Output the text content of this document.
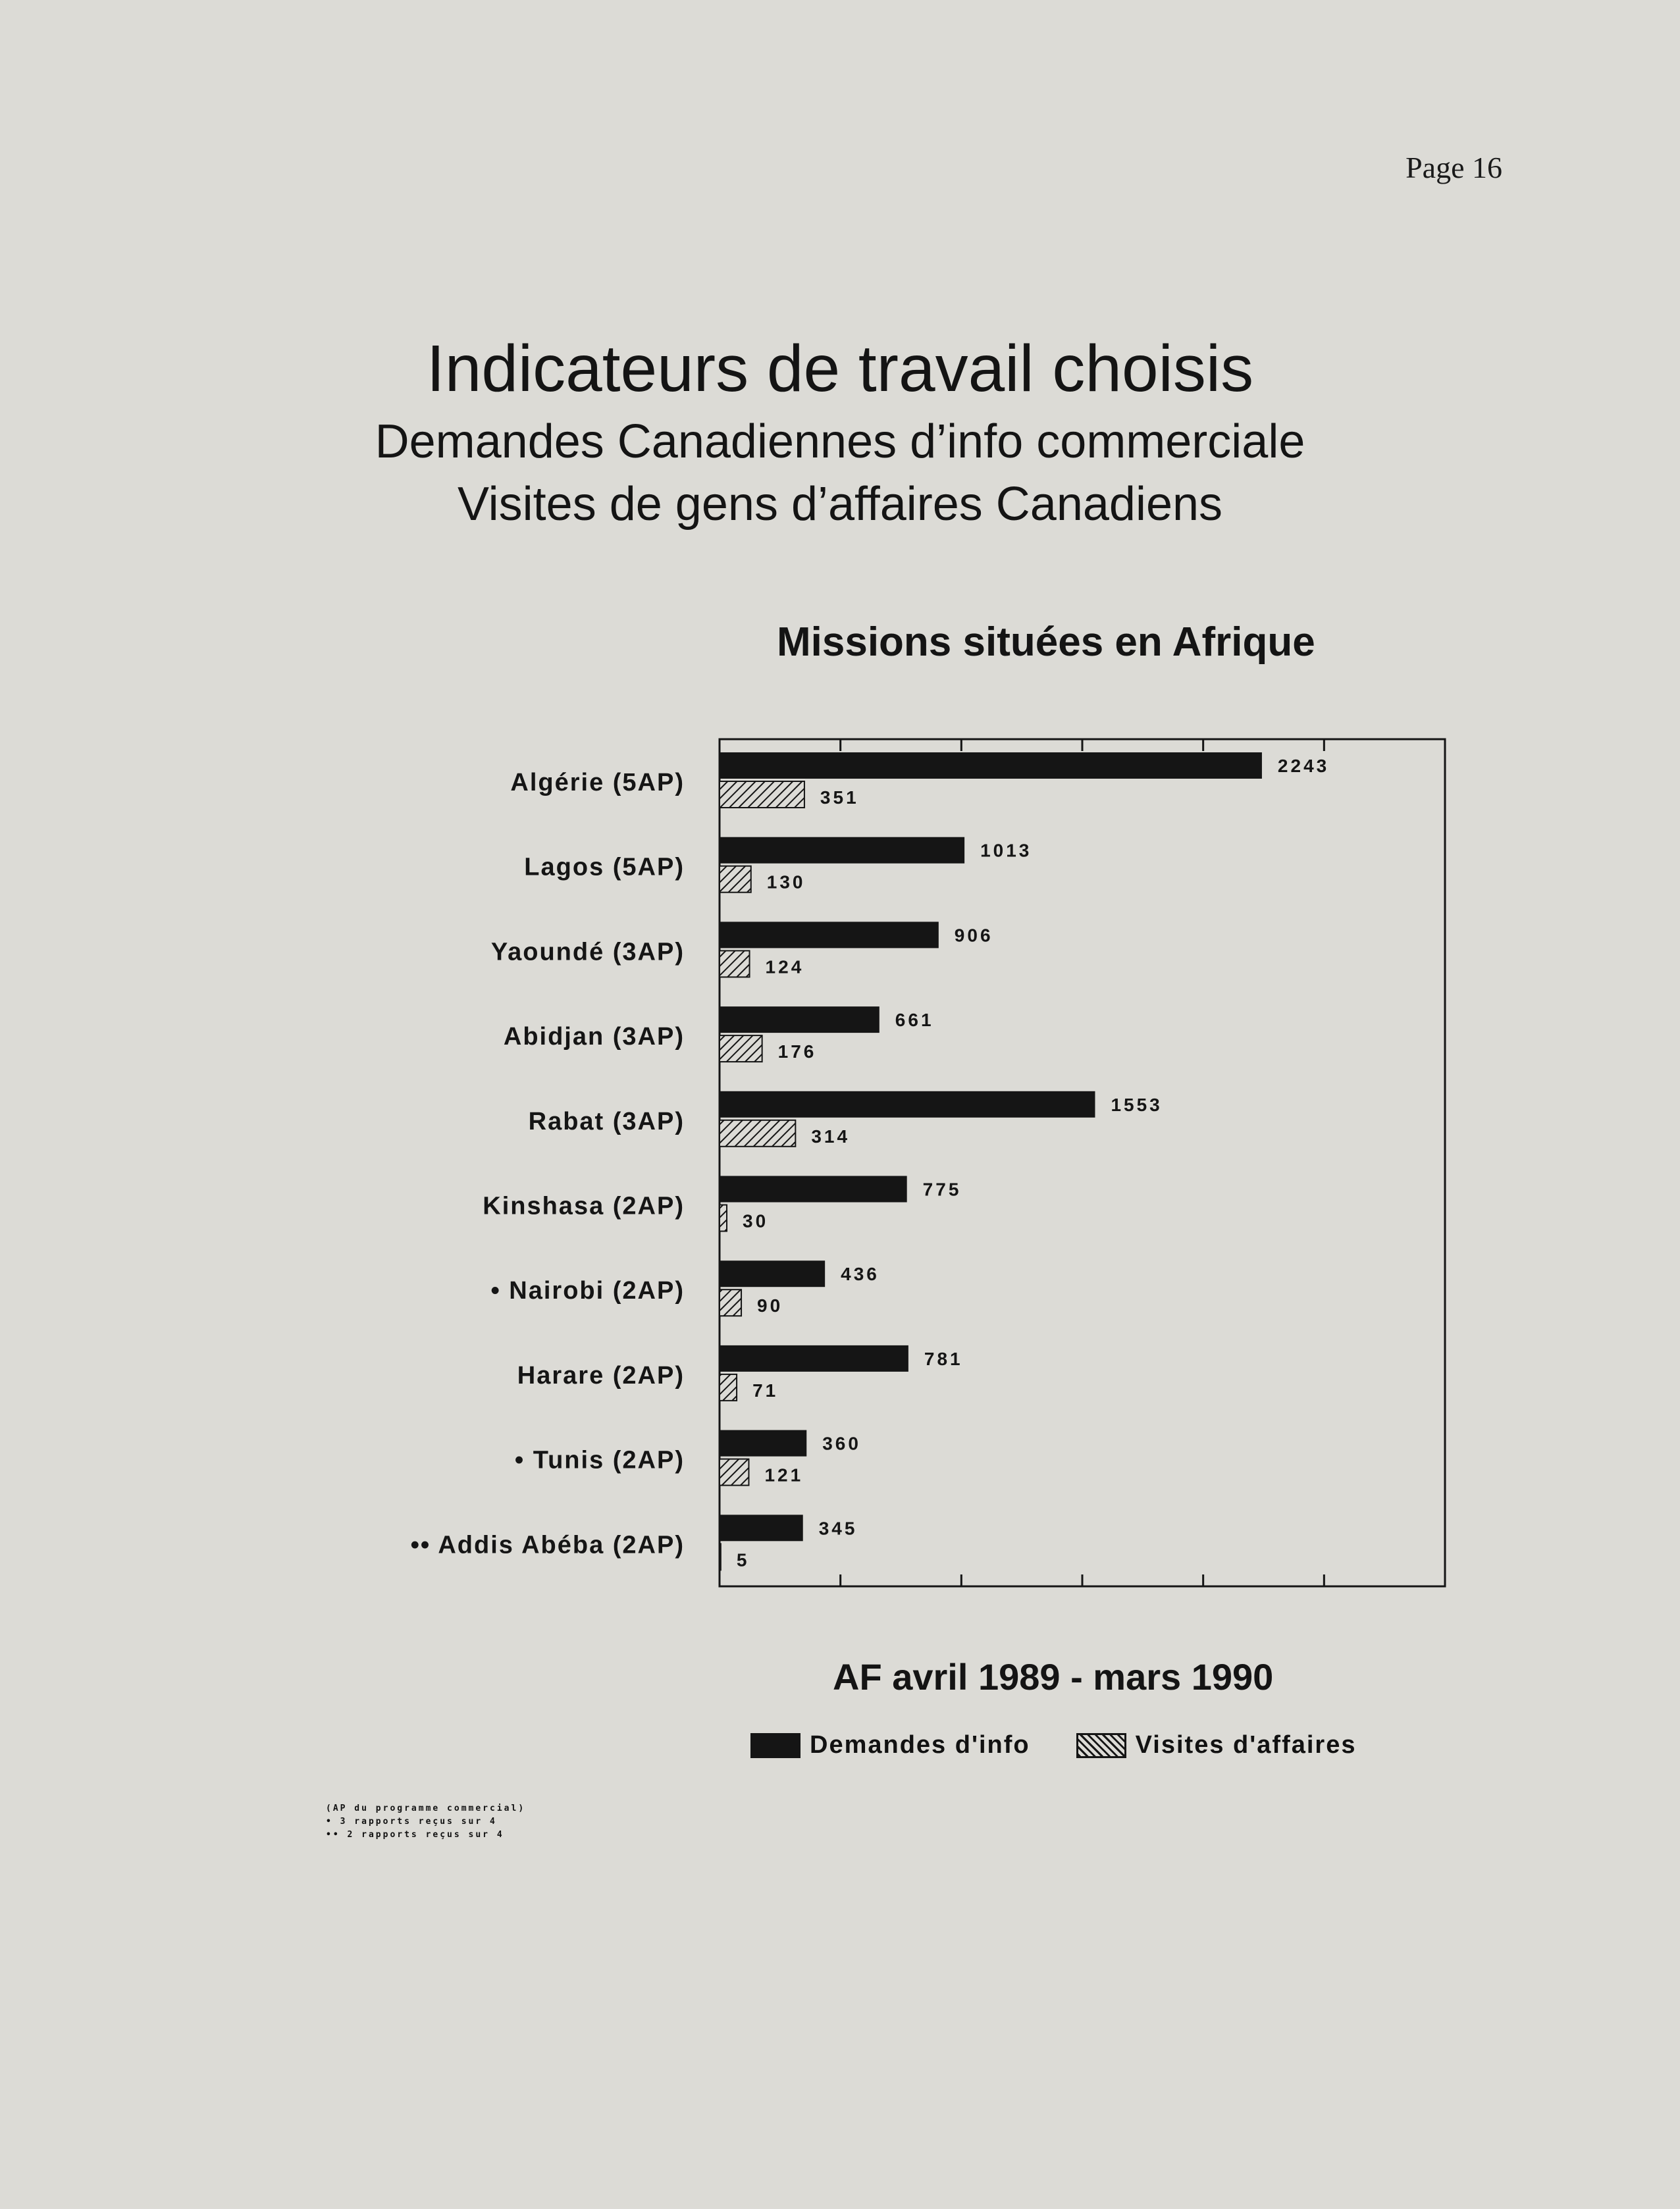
Page 16
Indicateurs de travail choisis
Demandes Canadiennes d’info commerciale
Visites de gens d’affaires Canadiens
Missions situées en Afrique
Algérie (5AP)
2243
351
Lagos (5AP)
1013
130
Yaoundé (3AP)
906
124
Abidjan (3AP)
661
176
Rabat (3AP)
1553
314
Kinshasa (2AP)
775
30
• Nairobi (2AP)
436
90
Harare (2AP)
781
71
• Tunis (2AP)
360
121
•• Addis Abéba (2AP)
345
5
AF avril 1989 - mars 1990
Demandes d'info	Visites d'affaires
(AP du programme commercial)
• 3 rapports reçus sur 4
•• 2 rapports reçus sur 4
